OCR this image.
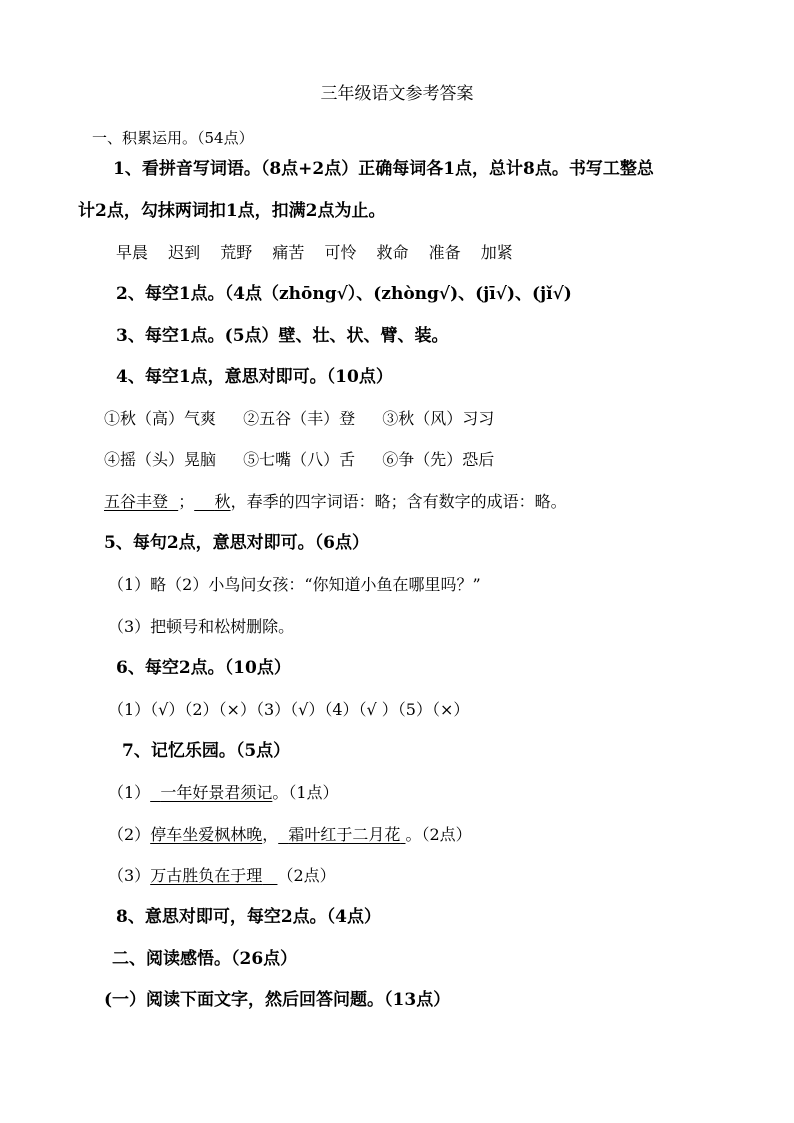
三年级语文参考答案
一、积累运用。（54点）
1、看拼音写词语。（8点+2点）正确每词各1点，总计8点。书写工整总
计2点，勾抹两词扣1点，扣满2点为止。
早晨 迟到 荒野 痛苦 可怜 救命 准备 加紧
2、每空1点。（4点（zhōng√）、(zhòng√)、(jī√)、(jǐ√)
3、每空1点。(5点）壁、壮、状、臂、装。
4、每空1点，意思对即可。（10点）
①秋（高）气爽 ②五谷（丰）登 ③秋（风）习习
④摇（头）晃脑 ⑤七嘴（八）舌 ⑥争（先）恐后
五谷丰登 ； 秋，春季的四字词语：略；含有数字的成语：略。
5、每句2点，意思对即可。（6点）
（1）略（2）小鸟问女孩：“你知道小鱼在哪里吗？”
（3）把顿号和松树删除。
6、每空2点。（10点）
（1）（√）（2）（×）（3）（√）（4）（√ ）（5）（×）
7、记忆乐园。（5点）
（1） 一年好景君须记。（1点）
（2）停车坐爱枫林晚， 霜叶红于二月花 。（2点）
（3）万古胜负在于理 （2点）
8、意思对即可，每空2点。（4点）
二、阅读感悟。（26点）
(一）阅读下面文字，然后回答问题。（13点）
